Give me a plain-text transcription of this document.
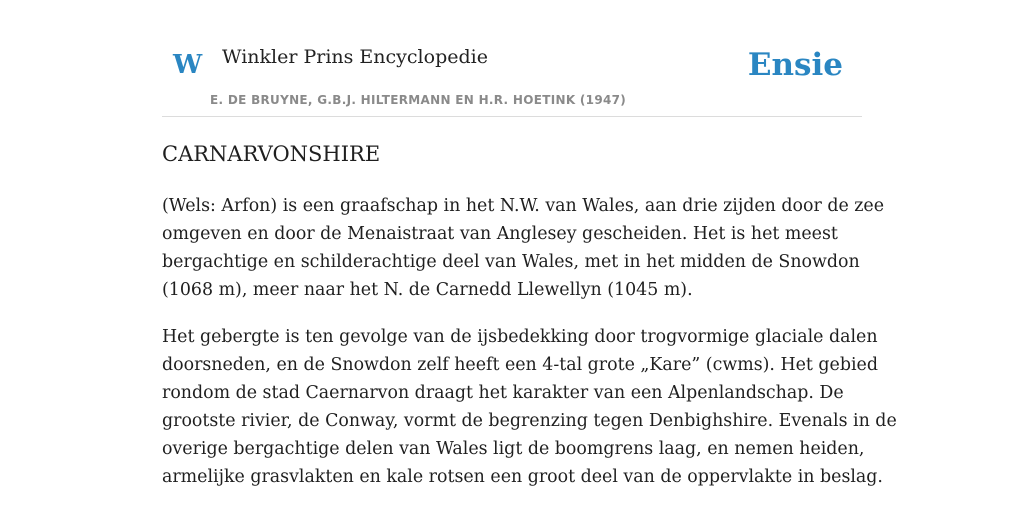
W Winkler Prins Encyclopedie
E. DE BRUYNE, G.B.J. HILTERMANN EN H.R. HOETINK (1947)
Ensie
CARNARVONSHIRE

(Wels: Arfon) is een graafschap in het N.W. van Wales, aan drie zijden door de zee
omgeven en door de Menaistraat van Anglesey gescheiden. Het is het meest
bergachtige en schilderachtige deel van Wales, met in het midden de Snowdon
(1068 m), meer naar het N. de Carnedd Llewellyn (1045 m).

Het gebergte is ten gevolge van de ijsbedekking door trogvormige glaciale dalen
doorsneden, en de Snowdon zelf heeft een 4-tal grote „Kare” (cwms). Het gebied
rondom de stad Caernarvon draagt het karakter van een Alpenlandschap. De
grootste rivier, de Conway, vormt de begrenzing tegen Denbighshire. Evenals in de
overige bergachtige delen van Wales ligt de boomgrens laag, en nemen heiden,
armelijke grasvlakten en kale rotsen een groot deel van de oppervlakte in beslag.
